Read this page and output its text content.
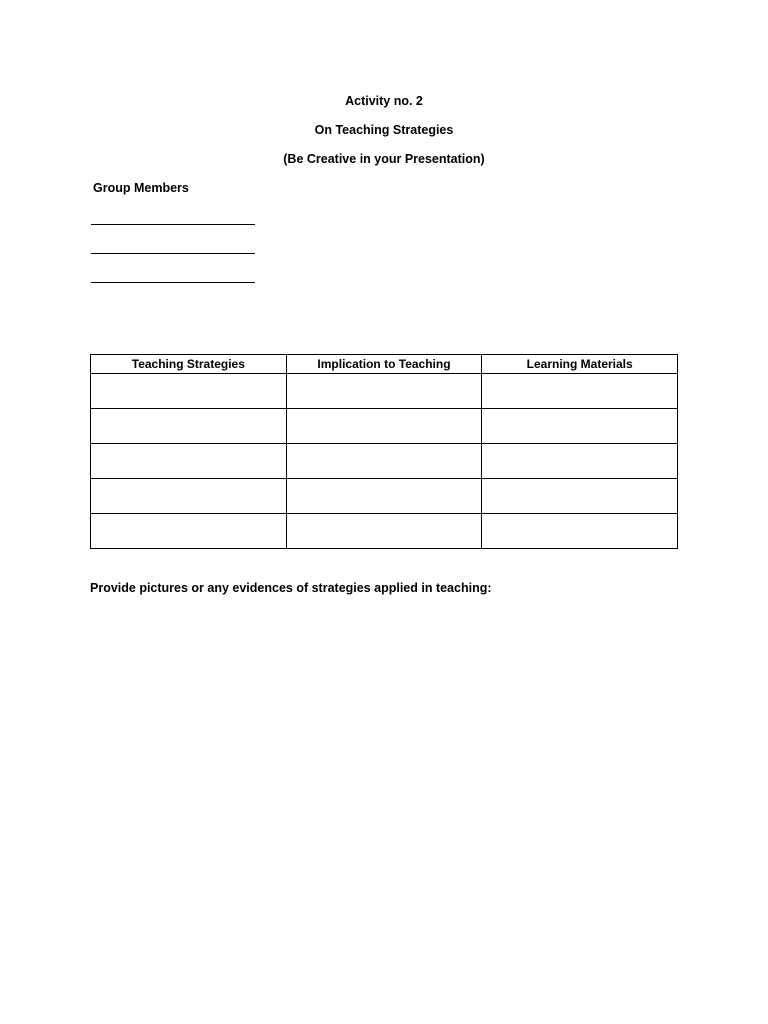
Activity no. 2
On Teaching Strategies
(Be Creative in your Presentation)
Group Members
Teaching Strategies	Implication to Teaching	Learning Materials

Provide pictures or any evidences of strategies applied in teaching:
